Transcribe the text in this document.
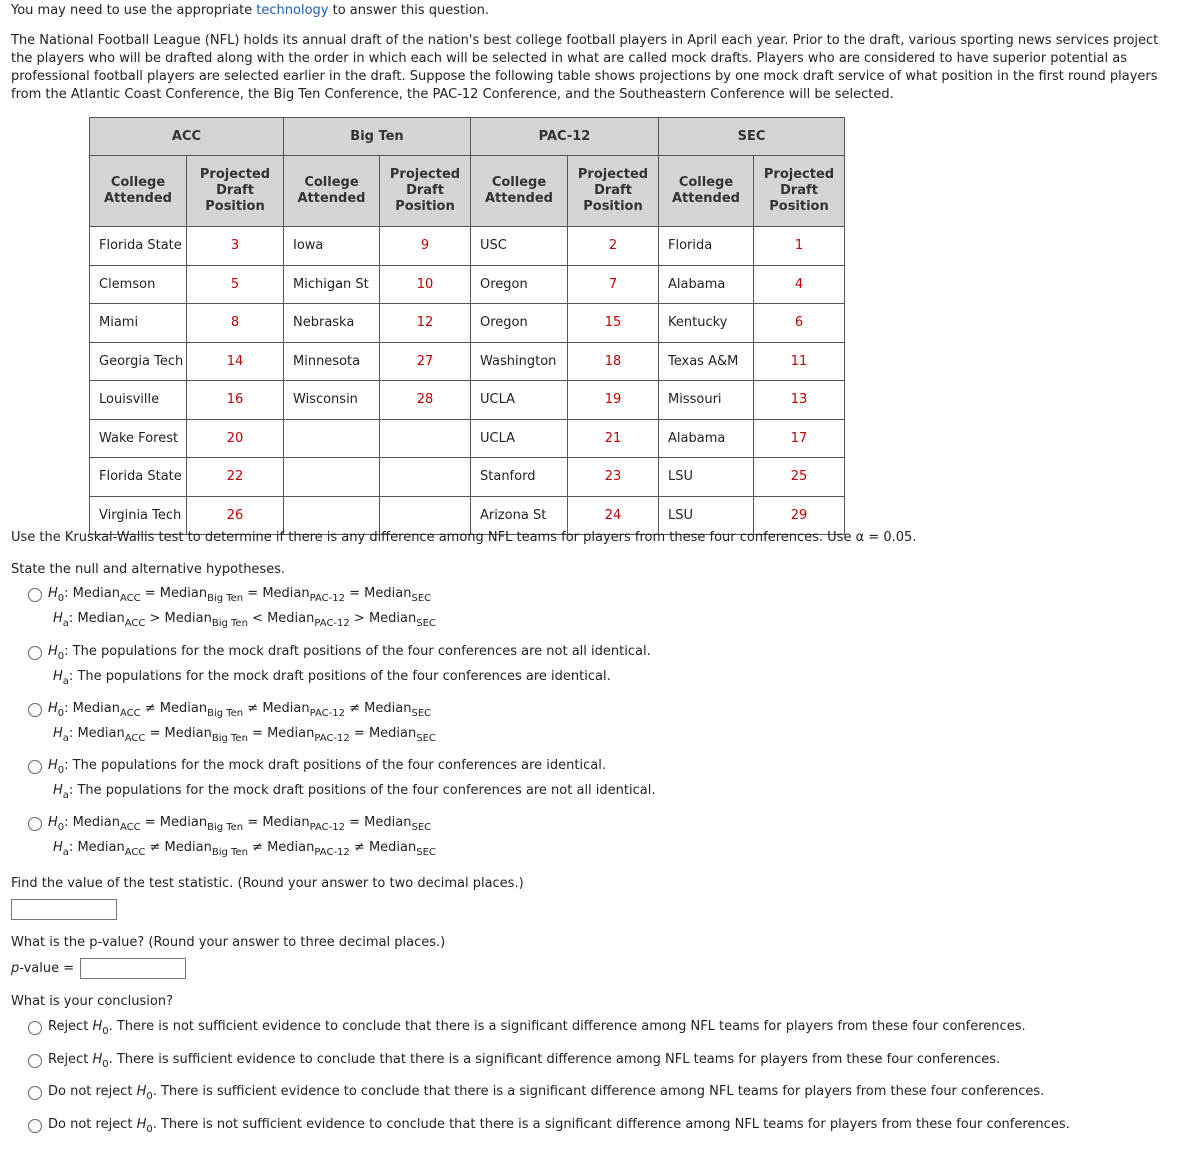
You may need to use the appropriate technology to answer this question.
The National Football League (NFL) holds its annual draft of the nation's best college football players in April each year. Prior to the draft, various sporting news services project the players who will be drafted along with the order in which each will be selected in what are called mock drafts. Players who are considered to have superior potential as professional football players are selected earlier in the draft. Suppose the following table shows projections by one mock draft service of what position in the first round players from the Atlantic Coast Conference, the Big Ten Conference, the PAC-12 Conference, and the Southeastern Conference will be selected.
ACC		Big Ten		PAC-12		SEC	
College Attended	Projected Draft Position	College Attended	Projected Draft Position	College Attended	Projected Draft Position	College Attended	Projected Draft Position
Florida State	3	Iowa	9	USC	2	Florida	1
Clemson	5	Michigan St	10	Oregon	7	Alabama	4
Miami	8	Nebraska	12	Oregon	15	Kentucky	6
Georgia Tech	14	Minnesota	27	Washington	18	Texas A&M	11
Louisville	16	Wisconsin	28	UCLA	19	Missouri	13
Wake Forest	20			UCLA	21	Alabama	17
Florida State	22			Stanford	23	LSU	25
Virginia Tech	26			Arizona St	24	LSU	29
Use the Kruskal-Wallis test to determine if there is any difference among NFL teams for players from these four conferences. Use α = 0.05.
State the null and alternative hypotheses.
$H_0$: Median$_{ACC}$ = Median$_{Big Ten}$ = Median$_{PAC-12}$ = Median$_{SEC}$
$H_a$: Median$_{ACC}$ > Median$_{Big Ten}$ < Median$_{PAC-12}$ > Median$_{SEC}$
$H_0$: The populations for the mock draft positions of the four conferences are not all identical.
$H_a$: The populations for the mock draft positions of the four conferences are identical.
$H_0$: Median$_{ACC}$ ≠ Median$_{Big Ten}$ ≠ Median$_{PAC-12}$ ≠ Median$_{SEC}$
$H_a$: Median$_{ACC}$ = Median$_{Big Ten}$ = Median$_{PAC-12}$ = Median$_{SEC}$
$H_0$: The populations for the mock draft positions of the four conferences are identical.
$H_a$: The populations for the mock draft positions of the four conferences are not all identical.
$H_0$: Median$_{ACC}$ = Median$_{Big Ten}$ = Median$_{PAC-12}$ = Median$_{SEC}$
$H_a$: Median$_{ACC}$ ≠ Median$_{Big Ten}$ ≠ Median$_{PAC-12}$ ≠ Median$_{SEC}$
Find the value of the test statistic. (Round your answer to two decimal places.)
What is the p-value? (Round your answer to three decimal places.)
p-value =
What is your conclusion?
Reject $H_0$. There is not sufficient evidence to conclude that there is a significant difference among NFL teams for players from these four conferences.
Reject $H_0$. There is sufficient evidence to conclude that there is a significant difference among NFL teams for players from these four conferences.
Do not reject $H_0$. There is sufficient evidence to conclude that there is a significant difference among NFL teams for players from these four conferences.
Do not reject $H_0$. There is not sufficient evidence to conclude that there is a significant difference among NFL teams for players from these four conferences.
